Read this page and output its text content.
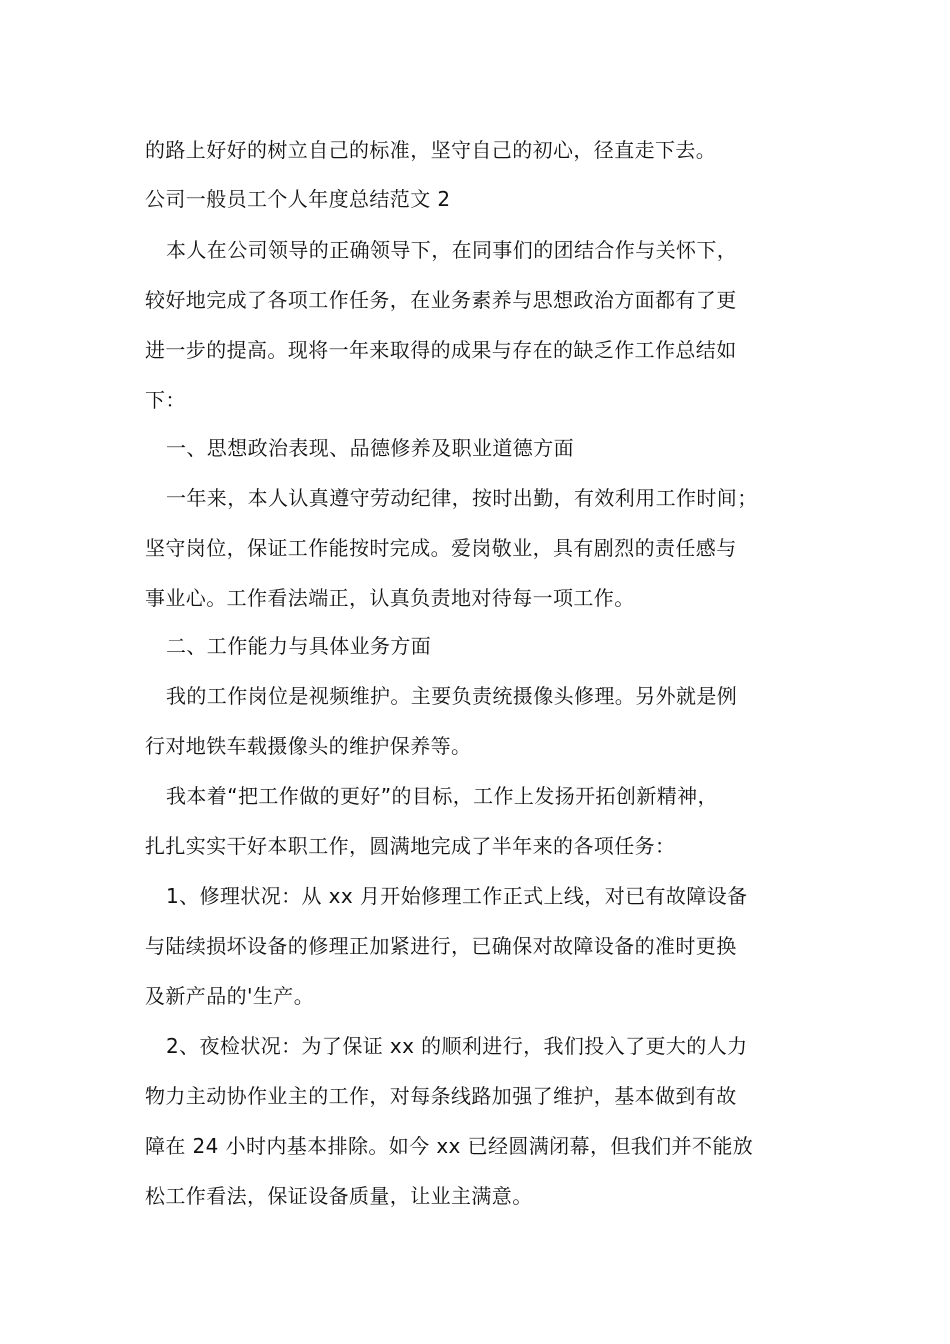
的路上好好的树立自己的标准，坚守自己的初心，径直走下去。
公司一般员工个人年度总结范文 2
本人在公司领导的正确领导下，在同事们的团结合作与关怀下，
较好地完成了各项工作任务，在业务素养与思想政治方面都有了更
进一步的提高。现将一年来取得的成果与存在的缺乏作工作总结如
下：
一、思想政治表现、品德修养及职业道德方面
一年来，本人认真遵守劳动纪律，按时出勤，有效利用工作时间；
坚守岗位，保证工作能按时完成。爱岗敬业，具有剧烈的责任感与
事业心。工作看法端正，认真负责地对待每一项工作。
二、工作能力与具体业务方面
我的工作岗位是视频维护。主要负责统摄像头修理。另外就是例
行对地铁车载摄像头的维护保养等。
我本着“把工作做的更好”的目标，工作上发扬开拓创新精神，
扎扎实实干好本职工作，圆满地完成了半年来的各项任务：
1、修理状况：从 xx 月开始修理工作正式上线，对已有故障设备
与陆续损坏设备的修理正加紧进行，已确保对故障设备的准时更换
及新产品的'生产。
2、夜检状况：为了保证 xx 的顺利进行，我们投入了更大的人力
物力主动协作业主的工作，对每条线路加强了维护，基本做到有故
障在 24 小时内基本排除。如今 xx 已经圆满闭幕，但我们并不能放
松工作看法，保证设备质量，让业主满意。
